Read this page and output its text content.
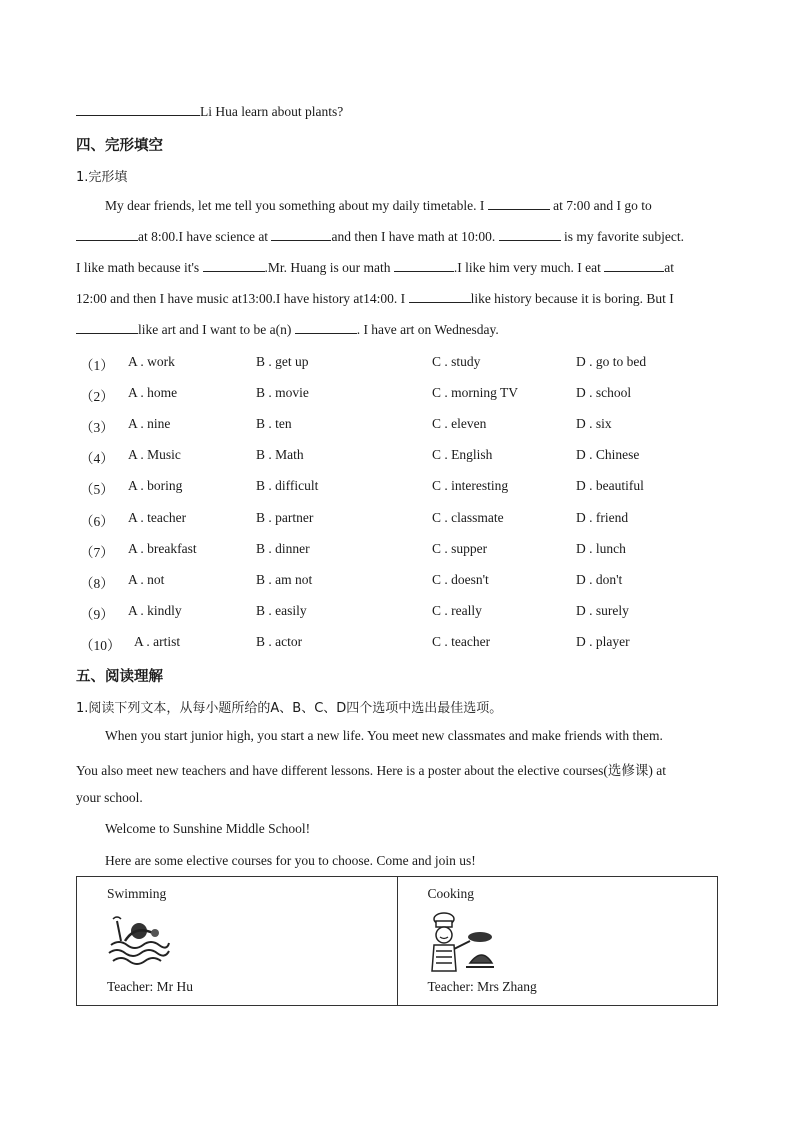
Li Hua learn about plants?
四、完形填空
1.完形填
My dear friends, let me tell you something about my daily timetable. I	at 7:00 and I go to
at 8:00.I have science at	and then I have math at 10:00.	is my favorite subject.
I like math because it's	.Mr. Huang is our math	.I like him very much. I eat	at
12:00 and then I have music at13:00.I have history at14:00. I	like history because it is boring. But I
like art and I want to be a(n)	. I have art on Wednesday.
（1） A . work	B . get up	C . study	D . go to bed
（2） A . home	B . movie	C . morning TV	D . school
（3） A . nine	B . ten	C . eleven	D . six
（4） A . Music	B . Math	C . English	D . Chinese
（5） A . boring	B . difficult	C . interesting	D . beautiful
（6） A . teacher	B . partner	C . classmate	D . friend
（7） A . breakfast	B . dinner	C . supper	D . lunch
（8） A . not	B . am not	C . doesn't	D . don't
（9） A . kindly	B . easily	C . really	D . surely
（10） A . artist	B . actor	C . teacher	D . player
五、阅读理解
1.阅读下列文本，从每小题所给的A、B、C、D四个选项中选出最佳选项。
When you start junior high, you start a new life. You meet new classmates and make friends with them.
You also meet new teachers and have different lessons. Here is a poster about the elective courses(选修课) at
your school.
Welcome to Sunshine Middle School!
Here are some elective courses for you to choose. Come and join us!
Swimming
Teacher: Mr Hu
Cooking
Teacher: Mrs Zhang
